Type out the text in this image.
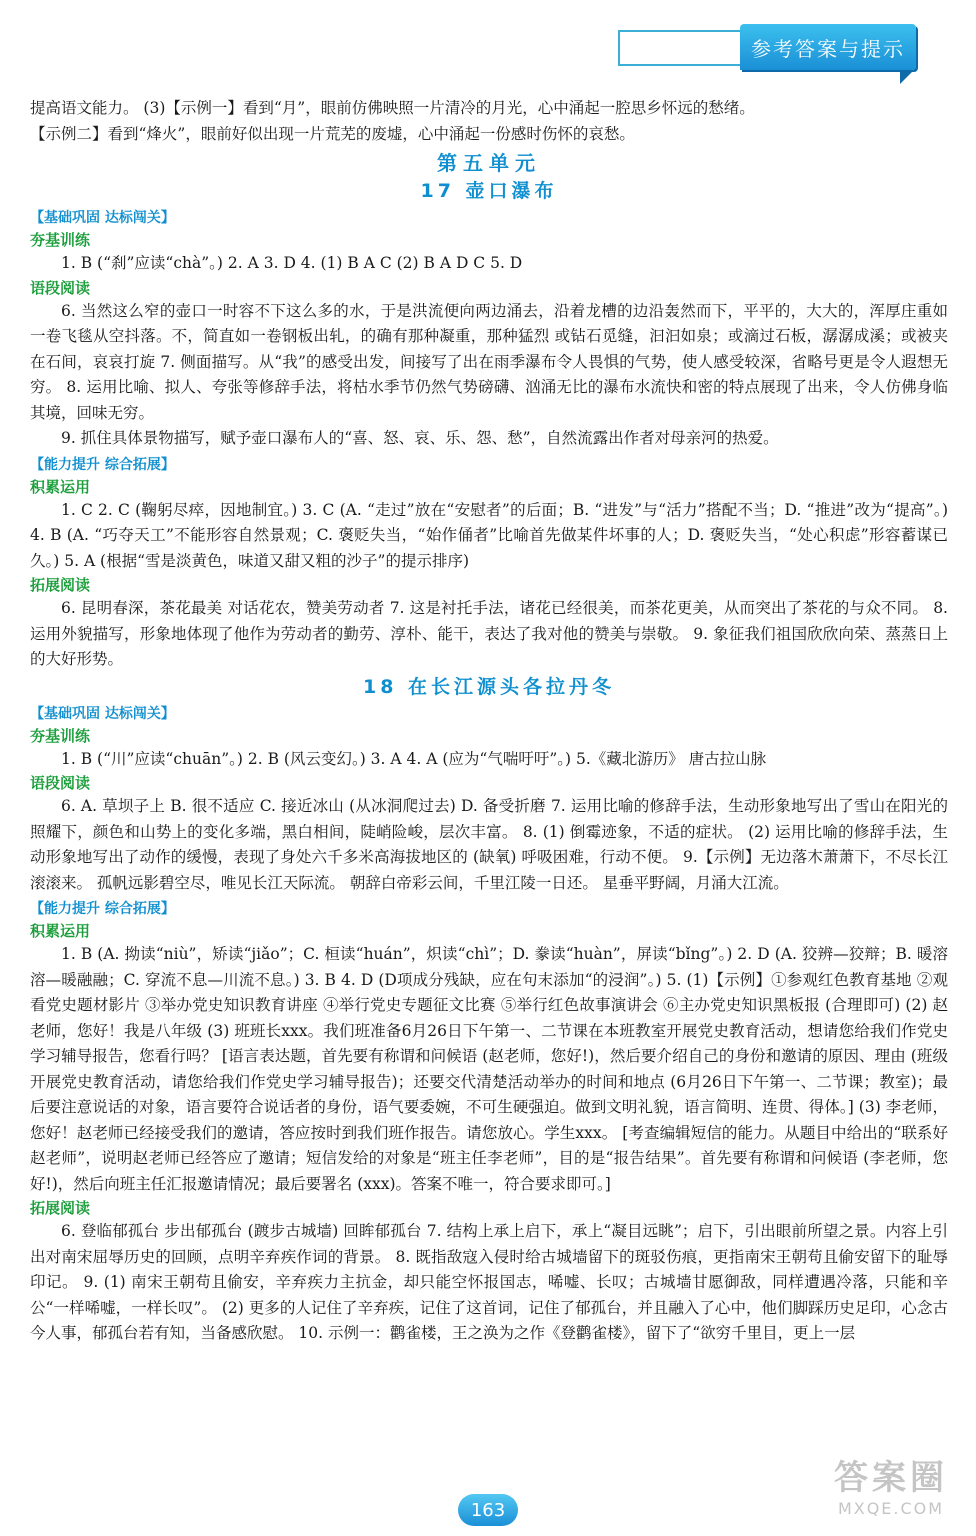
参考答案与提示

提高语文能力。 (3)【示例一】看到“月”，眼前仿佛映照一片清冷的月光，心中涌起一腔思乡怀远的愁绪。

【示例二】看到“烽火”，眼前好似出现一片荒芜的废墟，心中涌起一份感时伤怀的哀愁。

第五单元
17 壶口瀑布
【基础巩固 达标闯关】
夯基训练

1. B (“刹”应读“chà”。) 2. A 3. D 4. (1) B A C (2) B A D C 5. D

语段阅读

6. 当然这么窄的壶口一时容不下这么多的水，于是洪流便向两边涌去，沿着龙槽的边沿轰然而下，平平的，大大的，浑厚庄重如一卷飞毯从空抖落。不，简直如一卷钢板出轧，的确有那种凝重，那种猛烈 或钻石觅缝，汩汩如泉；或滴过石板，潺潺成溪；或被夹在石间，哀哀打旋 7. 侧面描写。从“我”的感受出发，间接写了出在雨季瀑布令人畏惧的气势，使人感受较深，省略号更是令人遐想无穷。 8. 运用比喻、拟人、夸张等修辞手法，将枯水季节仍然气势磅礴、汹涌无比的瀑布水流快和密的特点展现了出来，令人仿佛身临其境，回味无穷。

9. 抓住具体景物描写，赋予壶口瀑布人的“喜、怒、哀、乐、怨、愁”，自然流露出作者对母亲河的热爱。

【能力提升 综合拓展】
积累运用

1. C 2. C (鞠躬尽瘁，因地制宜。) 3. C (A. “走过”放在“安慰者”的后面；B. “进发”与“活力”搭配不当；D. “推进”改为“提高”。) 4. B (A. “巧夺天工”不能形容自然景观；C. 褒贬失当，“始作俑者”比喻首先做某件坏事的人；D. 褒贬失当，“处心积虑”形容蓄谋已久。) 5. A (根据“雪是淡黄色，味道又甜又粗的沙子”的提示排序)

拓展阅读

6. 昆明春深，茶花最美 对话花农，赞美劳动者 7. 这是衬托手法，诸花已经很美，而茶花更美，从而突出了茶花的与众不同。 8. 运用外貌描写，形象地体现了他作为劳动者的勤劳、淳朴、能干，表达了我对他的赞美与崇敬。 9. 象征我们祖国欣欣向荣、蒸蒸日上的大好形势。

18 在长江源头各拉丹冬
【基础巩固 达标闯关】
夯基训练

1. B (“川”应读“chuān”。) 2. B (风云变幻。) 3. A 4. A (应为“气喘吁吁”。) 5.《藏北游历》 唐古拉山脉

语段阅读

6. A. 草坝子上 B. 很不适应 C. 接近冰山 (从冰洞爬过去) D. 备受折磨 7. 运用比喻的修辞手法，生动形象地写出了雪山在阳光的照耀下，颜色和山势上的变化多端，黑白相间，陡峭险峻，层次丰富。 8. (1) 倒霉迹象，不适的症状。 (2) 运用比喻的修辞手法，生动形象地写出了动作的缓慢，表现了身处六千多米高海拔地区的 (缺氧) 呼吸困难，行动不便。 9.【示例】无边落木萧萧下，不尽长江滚滚来。 孤帆远影碧空尽，唯见长江天际流。 朝辞白帝彩云间，千里江陵一日还。 星垂平野阔，月涌大江流。

【能力提升 综合拓展】
积累运用

1. B (A. 拗读“niù”，矫读“jiǎo”；C. 桓读“huán”，炽读“chì”；D. 豢读“huàn”，屏读“bǐng”。) 2. D (A. 狡辨—狡辩；B. 暖溶溶—暖融融；C. 穿流不息—川流不息。) 3. B 4. D (D项成分残缺，应在句末添加“的浸润”。) 5. (1)【示例】①参观红色教育基地 ②观看党史题材影片 ③举办党史知识教育讲座 ④举行党史专题征文比赛 ⑤举行红色故事演讲会 ⑥主办党史知识黑板报 (合理即可) (2) 赵老师，您好！我是八年级 (3) 班班长xxx。我们班准备6月26日下午第一、二节课在本班教室开展党史教育活动，想请您给我们作党史学习辅导报告，您看行吗？ [语言表达题，首先要有称谓和问候语 (赵老师，您好!)，然后要介绍自己的身份和邀请的原因、理由 (班级开展党史教育活动，请您给我们作党史学习辅导报告)；还要交代清楚活动举办的时间和地点 (6月26日下午第一、二节课；教室)；最后要注意说话的对象，语言要符合说话者的身份，语气要委婉，不可生硬强迫。做到文明礼貌，语言简明、连贯、得体。] (3) 李老师，您好！赵老师已经接受我们的邀请，答应按时到我们班作报告。请您放心。学生xxx。 [考查编辑短信的能力。从题目中给出的“联系好赵老师”，说明赵老师已经答应了邀请；短信发给的对象是“班主任李老师”，目的是“报告结果”。首先要有称谓和问候语 (李老师，您好!)，然后向班主任汇报邀请情况；最后要署名 (xxx)。答案不唯一，符合要求即可。]

拓展阅读

6. 登临郁孤台 步出郁孤台 (踱步古城墙) 回眸郁孤台 7. 结构上承上启下，承上“凝目远眺”；启下，引出眼前所望之景。内容上引出对南宋屈辱历史的回顾，点明辛弃疾作词的背景。 8. 既指敌寇入侵时给古城墙留下的斑驳伤痕，更指南宋王朝苟且偷安留下的耻辱印记。 9. (1) 南宋王朝苟且偷安，辛弃疾力主抗金，却只能空怀报国志，唏嘘、长叹；古城墙甘愿御敌，同样遭遇冷落，只能和辛公“一样唏嘘，一样长叹”。 (2) 更多的人记住了辛弃疾，记住了这首词，记住了郁孤台，并且融入了心中，他们脚踩历史足印，心念古今人事，郁孤台若有知，当备感欣慰。 10. 示例一：鹳雀楼，王之涣为之作《登鹳雀楼》，留下了“欲穷千里目，更上一层

163
答案圈
MXQE.COM
